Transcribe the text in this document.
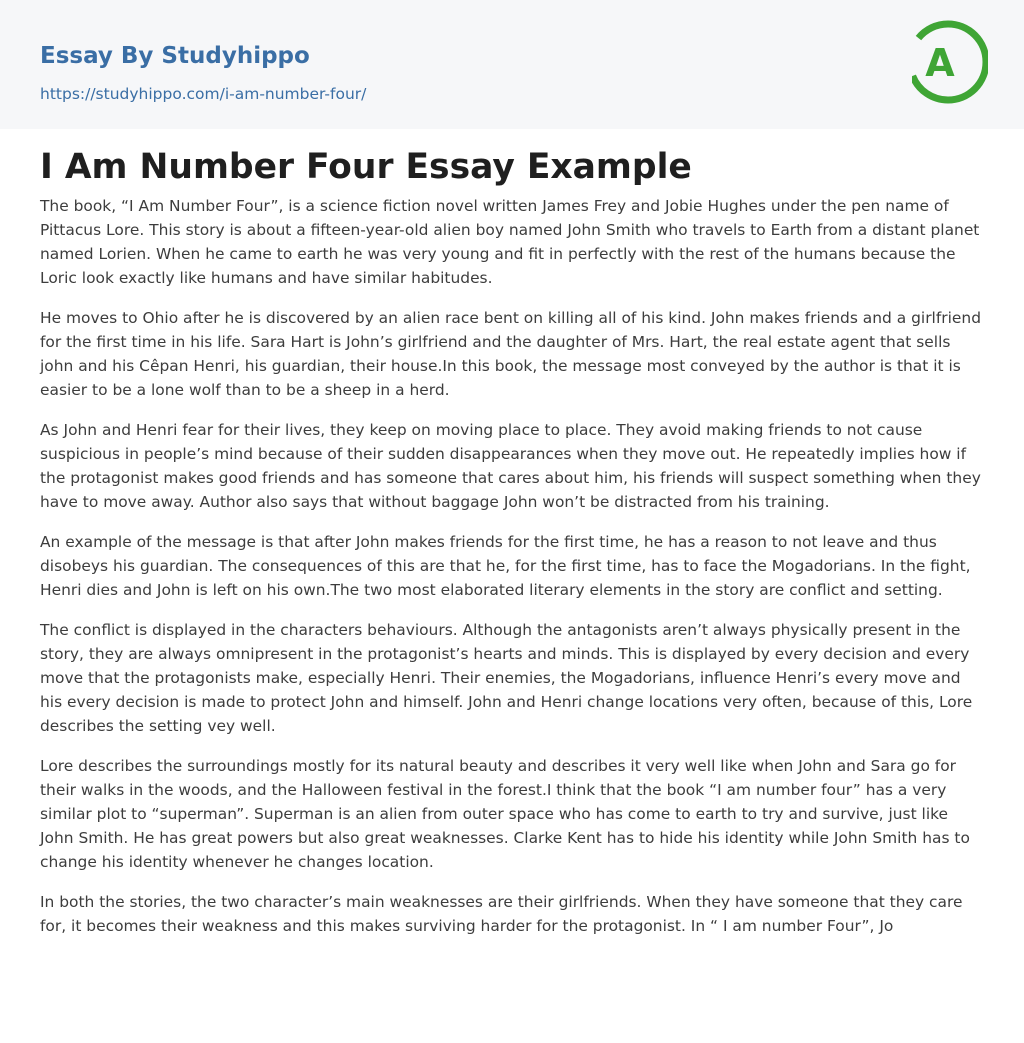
Essay By Studyhippo
https://studyhippo.com/i-am-number-four/
A
I Am Number Four Essay Example

The book, “I Am Number Four”, is a science fiction novel written James Frey and Jobie Hughes under the pen name of Pittacus Lore. This story is about a fifteen-year-old alien boy named John Smith who travels to Earth from a distant planet named Lorien. When he came to earth he was very young and fit in perfectly with the rest of the humans because the Loric look exactly like humans and have similar habitudes.

He moves to Ohio after he is discovered by an alien race bent on killing all of his kind. John makes friends and a girlfriend for the first time in his life. Sara Hart is John’s girlfriend and the daughter of Mrs. Hart, the real estate agent that sells john and his Cêpan Henri, his guardian, their house.In this book, the message most conveyed by the author is that it is easier to be a lone wolf than to be a sheep in a herd.

As John and Henri fear for their lives, they keep on moving place to place. They avoid making friends to not cause suspicious in people’s mind because of their sudden disappearances when they move out. He repeatedly implies how if the protagonist makes good friends and has someone that cares about him, his friends will suspect something when they have to move away. Author also says that without baggage John won’t be distracted from his training.

An example of the message is that after John makes friends for the first time, he has a reason to not leave and thus disobeys his guardian. The consequences of this are that he, for the first time, has to face the Mogadorians. In the fight, Henri dies and John is left on his own.The two most elaborated literary elements in the story are conflict and setting.

The conflict is displayed in the characters behaviours. Although the antagonists aren’t always physically present in the story, they are always omnipresent in the protagonist’s hearts and minds. This is displayed by every decision and every move that the protagonists make, especially Henri. Their enemies, the Mogadorians, influence Henri’s every move and his every decision is made to protect John and himself. John and Henri change locations very often, because of this, Lore describes the setting vey well.

Lore describes the surroundings mostly for its natural beauty and describes it very well like when John and Sara go for their walks in the woods, and the Halloween festival in the forest.I think that the book “I am number four” has a very similar plot to “superman”. Superman is an alien from outer space who has come to earth to try and survive, just like John Smith. He has great powers but also great weaknesses. Clarke Kent has to hide his identity while John Smith has to change his identity whenever he changes location.

In both the stories, the two character’s main weaknesses are their girlfriends. When they have someone that they care for, it becomes their weakness and this makes surviving harder for the protagonist. In “ I am number Four”, Jo
